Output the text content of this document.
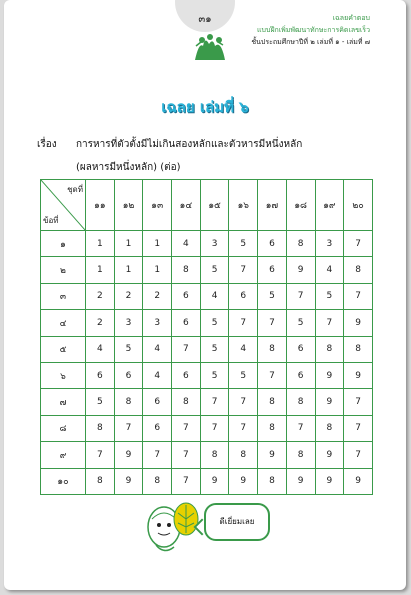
๓๑	เฉลยคำตอบ
แบบฝึกเพิ่มพัฒนาทักษะการคิดเลขเร็ว
ชั้นประถมศึกษาปีที่ ๒ เล่มที่ ๑ - เล่มที่ ๗
เฉลย เล่มที่ ๖
เรื่อง การหารที่ตัวตั้งมีไม่เกินสองหลักและตัวหารมีหนึ่งหลัก
(ผลหารมีหนึ่งหลัก) (ต่อ)
ชุดที่
ข้อที่	๑๑	๑๒	๑๓	๑๔	๑๕	๑๖	๑๗	๑๘	๑๙	๒๐
๑	1	1	1	4	3	5	6	8	3	7
๒	1	1	1	8	5	7	6	9	4	8
๓	2	2	2	6	4	6	5	7	5	7
๔	2	3	3	6	5	7	7	5	7	9
๕	4	5	4	7	5	4	8	6	8	8
๖	6	6	4	6	5	5	7	6	9	9
๗	5	8	6	8	7	7	8	8	9	7
๘	8	7	6	7	7	7	8	7	8	7
๙	7	9	7	7	8	8	9	8	9	7
๑๐	8	9	8	7	9	9	8	9	9	9
ดีเยี่ยมเลย
